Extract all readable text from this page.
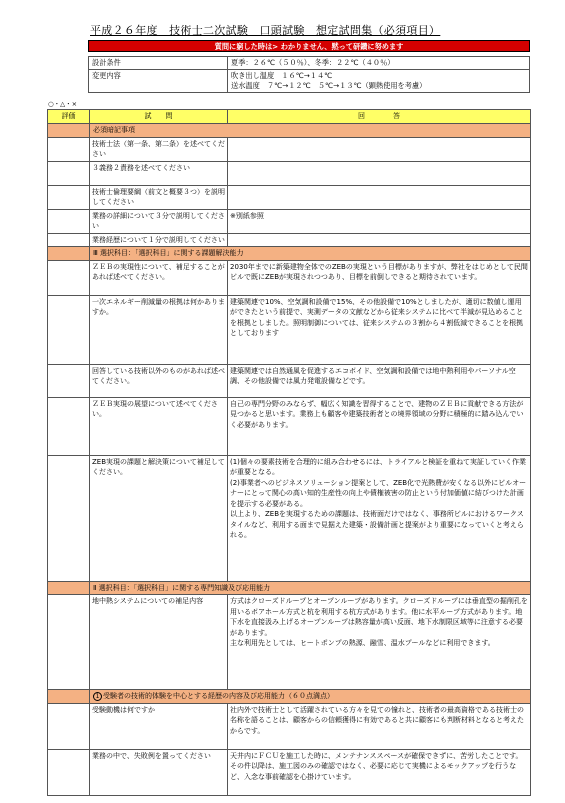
平成２６年度　技術士二次試験　口頭試験　想定試問集（必須項目）
質問に窮した時は> わかりません、黙って研鑽に努めます
設計条件	夏季：２６℃（５０％）、冬季：２２℃（４０％）
変更内容	吹き出し温度　１６℃→１４℃
送水温度　７℃→１２℃　５℃→１３℃（顕熱使用を考慮）
○・△・×
評価	試　　問	回　　　　答
	必須暗記事項	
	技術士法（第一条、第二条）を述べてください	
	３義務２責務を述べてください	
	技術士倫理要綱（前文と概要３つ）を説明してください	
	業務の詳細について３分で説明してください	※別紙参照
	業務経歴について１分で説明してください	
	Ⅲ 選択科目：「選択科目」に関する課題解決能力	
	ＺＥＢの実現性について、補足することがあれば述べてください。	2030年までに新築建物全体でのZEBの実現という目標がありますが、弊社をはじめとして民間ビルで既にZEBが実現されつつあり、目標を前倒しできると期待されています。
	一次エネルギー削減量の根拠は何かありますか。	建築関連で10%、空気調和設備で15%、その他設備で10%としましたが、適切に数値し運用ができたという前提で、実測データの文献などから従来システムに比べて半減が見込めることを根拠としました。照明制御については、従来システムの３割から４割低減できることを根拠としております
	回答している技術以外のものがあれば述べてください。	建築関連では自然通風を促進するエコボイド、空気調和設備では地中熱利用やパーソナル空調、その他設備では風力発電設備などです。
	ＺＥＢ実現の展望について述べてください。	自己の専門分野のみならず、幅広く知識を習得することで、建物のＺＥＢに貢献できる方法が見つかると思います。業務上も顧客や建築技術者との境界領域の分野に積極的に踏み込んでいく必要があります。
	ZEB実現の課題と解決策について補足してください。	(1)個々の要素技術を合理的に組み合わせるには、トライアルと検証を重ねて実証していく作業が重要となる。
(2)事業者へのビジネスソリューション提案として、ZEB化で光熱費が安くなる以外にビルオーナーにとって関心の高い知的生産性の向上や債権被害の防止という付加価値に結びつけた計画を提示する必要がある。
以上より、ZEBを実現するための課題は、技術面だけではなく、事務所ビルにおけるワークスタイルなど、利用する面まで見据えた建築・設備計画と提案がより重要になっていくと考えられる。

	Ⅱ 選択科目：「選択科目」に関する専門知識及び応用能力	
	地中熱システムについての補足内容	方式はクローズドループとオープンループがあります。クローズドループには垂直型の掘削孔を用いるボアホール方式と杭を利用する杭方式があります。他に水平ループ方式があります。地下水を直接汲み上げるオープンループは熱容量が高い反面、地下水制限区域等に注意する必要があります。
主な利用先としては、ヒートポンプの熱源、融雪、温水プールなどに利用できます。

	1 受験者の技術的体験を中心とする経歴の内容及び応用能力（６０点満点）	
	受験動機は何ですか	社内外で技術士として活躍されている方々を見ての憧れと、技術者の最高資格である技術士の名称を語ることは、顧客からの信頼獲得に有効であると共に顧客にも判断材料となると考えたからです。
	業務の中で、失敗例を置ってください	天井内にＦＣＵを施工した時に、メンテナンススペースが確保できずに、苦労したことです。その件以降は、施工図のみの確認ではなく、必要に応じて実機によるモックアップを行うなど、入念な事前確認を心掛けています。
